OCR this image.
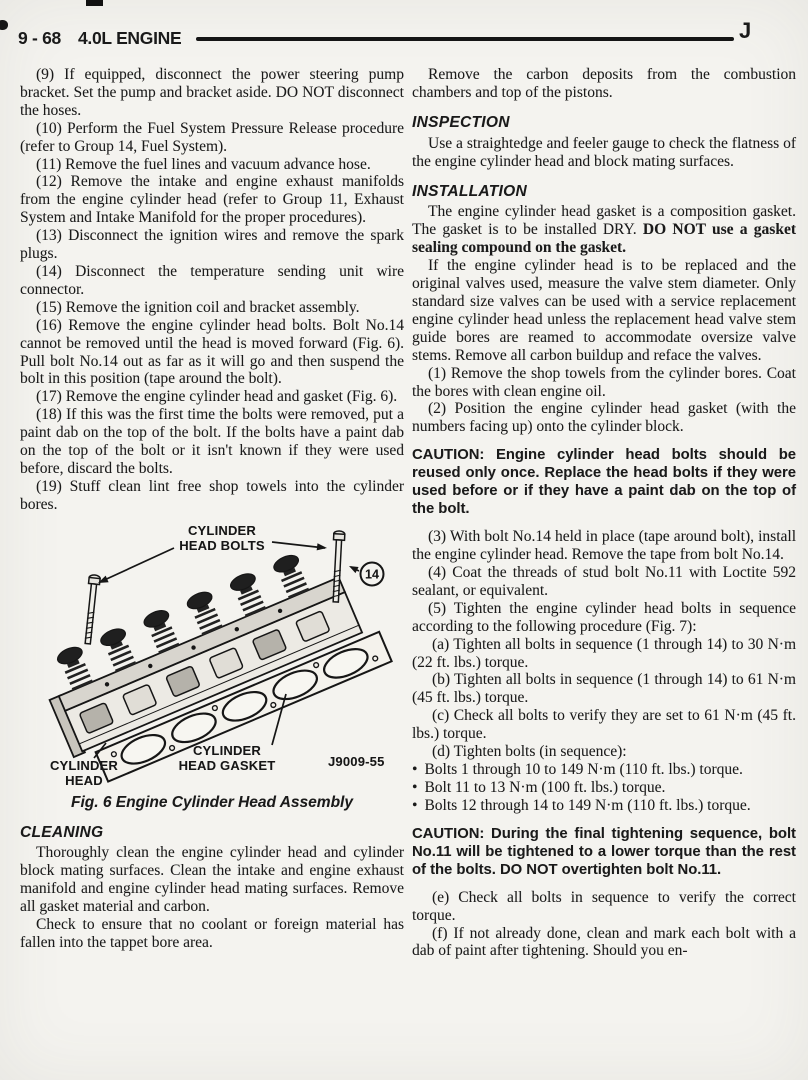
9 - 68 4.0L ENGINE	J

(9) If equipped, disconnect the power steering pump bracket. Set the pump and bracket aside. DO NOT disconnect the hoses.

(10) Perform the Fuel System Pressure Release procedure (refer to Group 14, Fuel System).

(11) Remove the fuel lines and vacuum advance hose.

(12) Remove the intake and engine exhaust manifolds from the engine cylinder head (refer to Group 11, Exhaust System and Intake Manifold for the proper procedures).

(13) Disconnect the ignition wires and remove the spark plugs.

(14) Disconnect the temperature sending unit wire connector.

(15) Remove the ignition coil and bracket assembly.

(16) Remove the engine cylinder head bolts. Bolt No.14 cannot be removed until the head is moved forward (Fig. 6). Pull bolt No.14 out as far as it will go and then suspend the bolt in this position (tape around the bolt).

(17) Remove the engine cylinder head and gasket (Fig. 6).

(18) If this was the first time the bolts were removed, put a paint dab on the top of the bolt. If the bolts have a paint dab on the top of the bolt or it isn't known if they were used before, discard the bolts.

(19) Stuff clean lint free shop towels into the cylinder bores.

CYLINDER
HEAD BOLTS
14
CYLINDER
HEAD GASKET
CYLINDER
HEAD
J9009-55

Fig. 6 Engine Cylinder Head Assembly

CLEANING

Thoroughly clean the engine cylinder head and cylinder block mating surfaces. Clean the intake and engine exhaust manifold and engine cylinder head mating surfaces. Remove all gasket material and carbon.

Check to ensure that no coolant or foreign material has fallen into the tappet bore area.

Remove the carbon deposits from the combustion chambers and top of the pistons.

INSPECTION

Use a straightedge and feeler gauge to check the flatness of the engine cylinder head and block mating surfaces.

INSTALLATION

The engine cylinder head gasket is a composition gasket. The gasket is to be installed DRY. DO NOT use a gasket sealing compound on the gasket.

If the engine cylinder head is to be replaced and the original valves used, measure the valve stem diameter. Only standard size valves can be used with a service replacement engine cylinder head unless the replacement head valve stem guide bores are reamed to accommodate oversize valve stems. Remove all carbon buildup and reface the valves.

(1) Remove the shop towels from the cylinder bores. Coat the bores with clean engine oil.

(2) Position the engine cylinder head gasket (with the numbers facing up) onto the cylinder block.

CAUTION: Engine cylinder head bolts should be reused only once. Replace the head bolts if they were used before or if they have a paint dab on the top of the bolt.

(3) With bolt No.14 held in place (tape around bolt), install the engine cylinder head. Remove the tape from bolt No.14.

(4) Coat the threads of stud bolt No.11 with Loctite 592 sealant, or equivalent.

(5) Tighten the engine cylinder head bolts in sequence according to the following procedure (Fig. 7):

(a) Tighten all bolts in sequence (1 through 14) to 30 N·m (22 ft. lbs.) torque.

(b) Tighten all bolts in sequence (1 through 14) to 61 N·m (45 ft. lbs.) torque.

(c) Check all bolts to verify they are set to 61 N·m (45 ft. lbs.) torque.

(d) Tighten bolts (in sequence):

• Bolts 1 through 10 to 149 N·m (110 ft. lbs.) torque.

• Bolt 11 to 13 N·m (100 ft. lbs.) torque.

• Bolts 12 through 14 to 149 N·m (110 ft. lbs.) torque.

CAUTION: During the final tightening sequence, bolt No.11 will be tightened to a lower torque than the rest of the bolts. DO NOT overtighten bolt No.11.

(e) Check all bolts in sequence to verify the correct torque.

(f) If not already done, clean and mark each bolt with a dab of paint after tightening. Should you en-
